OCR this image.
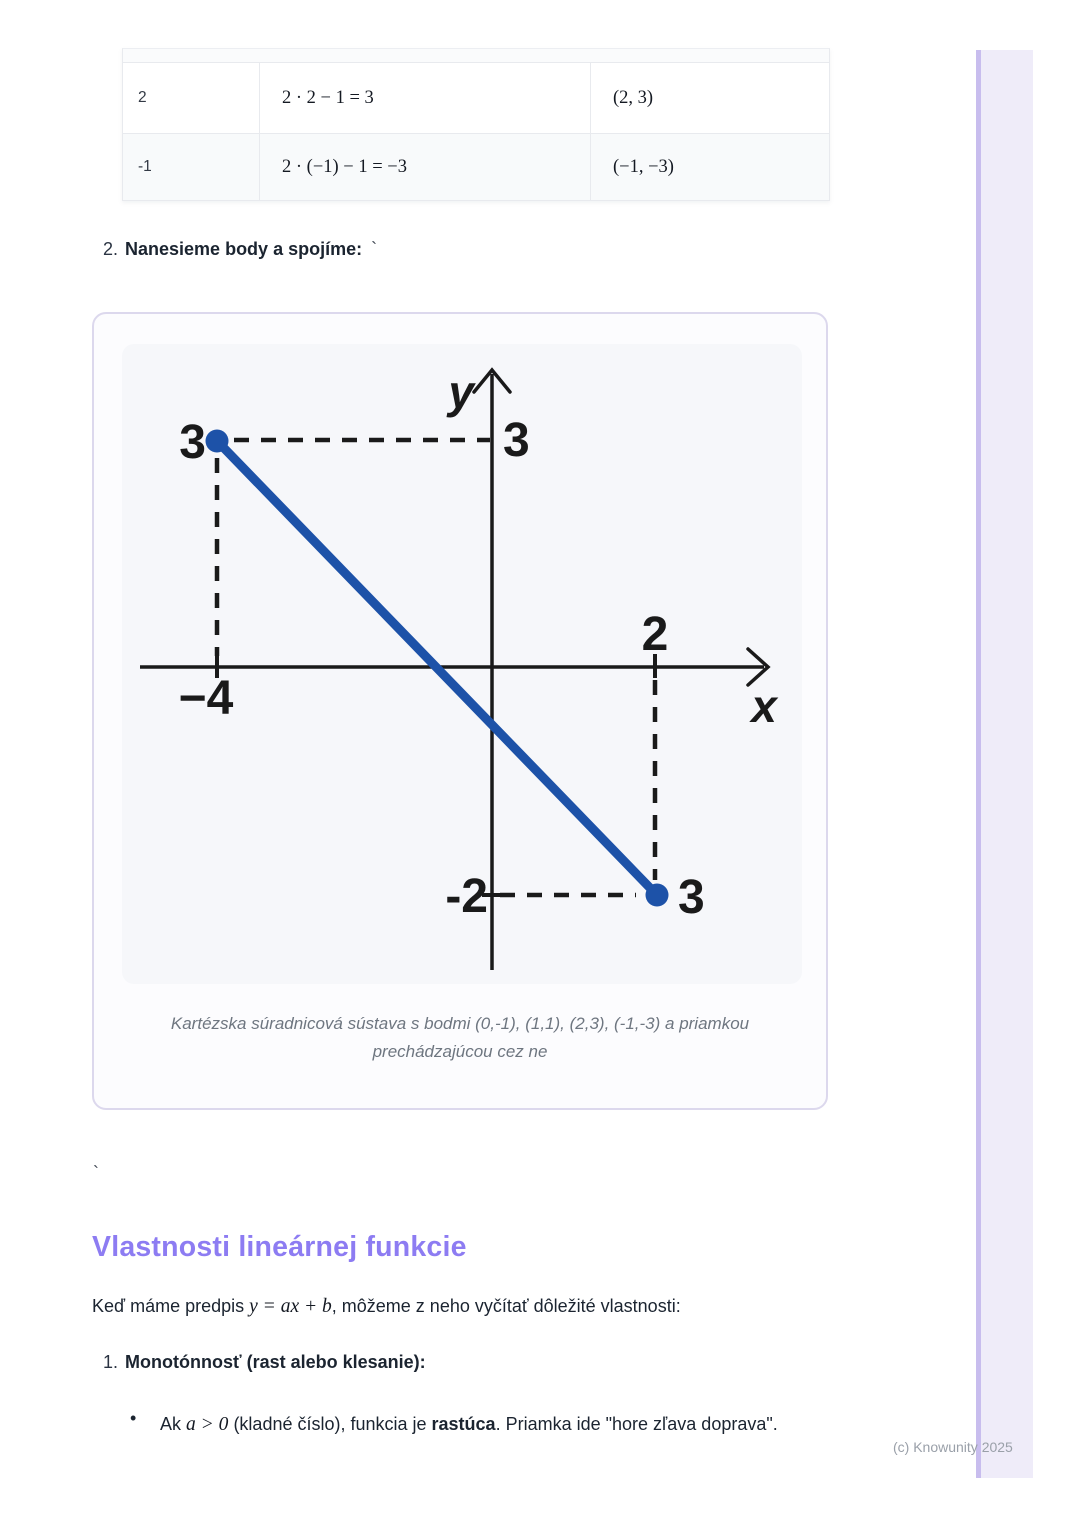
2	2 · 2 − 1 = 3	(2, 3)
-1	2 · (−1) − 1 = −3	(−1, −3)
2. Nanesieme body a spojíme: `
y
x
3	3
−4
2
-2	3
Kartézska súradnicová sústava s bodmi (0,-1), (1,1), (2,3), (-1,-3) a priamkou
prechádzajúcou cez ne
`
Vlastnosti lineárnej funkcie
Keď máme predpis y = ax + b, môžeme z neho vyčítať dôležité vlastnosti:
1. Monotónnosť (rast alebo klesanie):
• Ak a > 0 (kladné číslo), funkcia je rastúca. Priamka ide "hore zľava doprava".
(c) Knowunity 2025
